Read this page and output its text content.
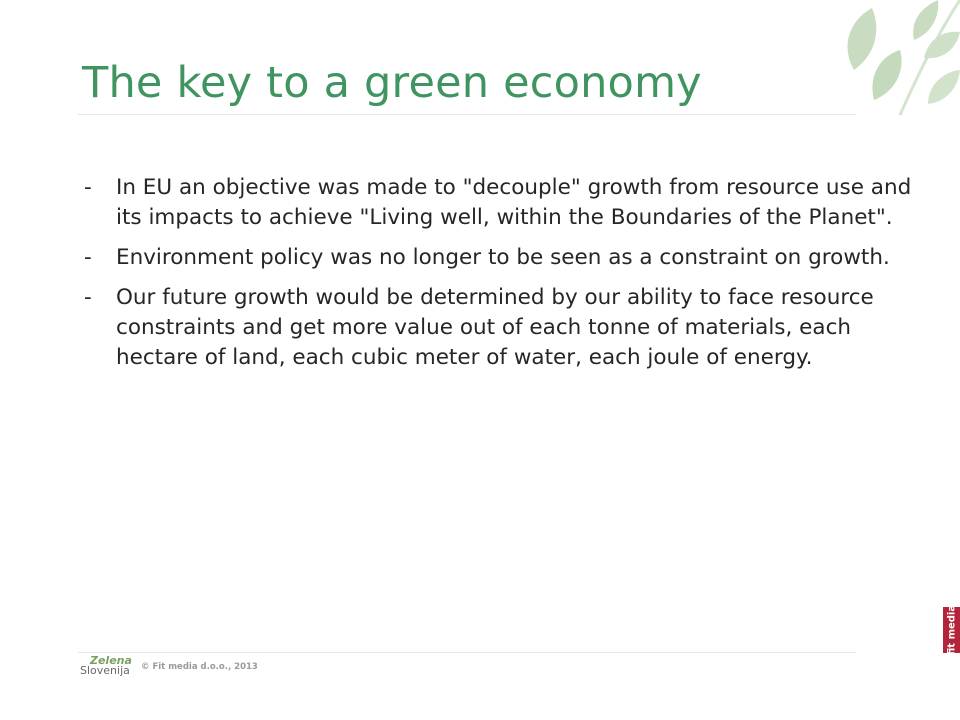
The key to a green economy
- In EU an objective was made to "decouple" growth from resource use and its impacts to achieve "Living well, within the Boundaries of the Planet".
- Environment policy was no longer to be seen as a constraint on growth.
- Our future growth would be determined by our ability to face resource constraints and get more value out of each tonne of materials, each hectare of land, each cubic meter of water, each joule of energy.
Zelena
Slovenija © Fit media d.o.o., 2013
fit media
